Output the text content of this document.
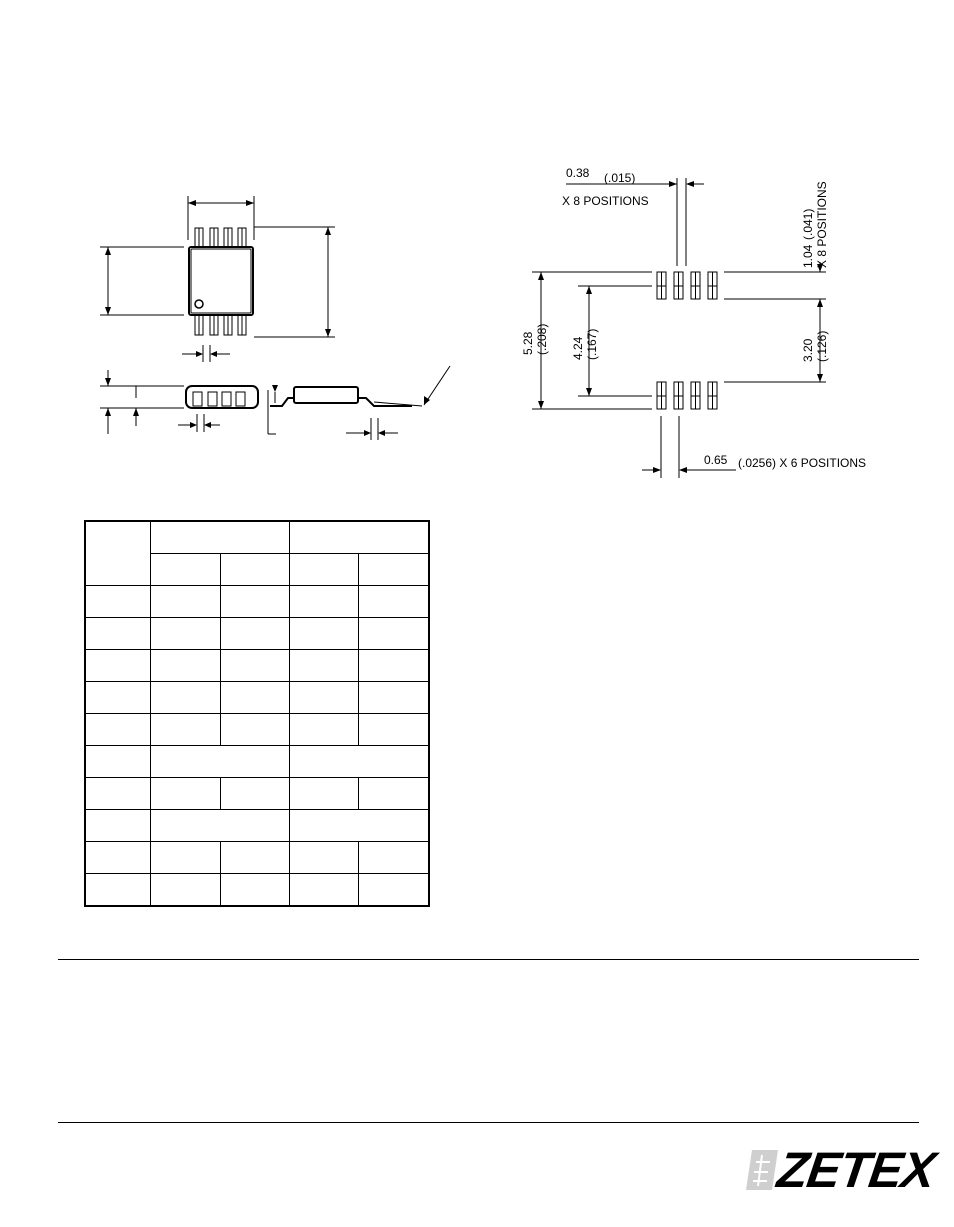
0.38 (.015)
X 8 POSITIONS
1.04
(.041) X 8 POSITIONS
5.28 (.208) 4.24 (.167)	3.20 (.126)
0.65 (.0256) X 6 POSITIONS

ZETEX
